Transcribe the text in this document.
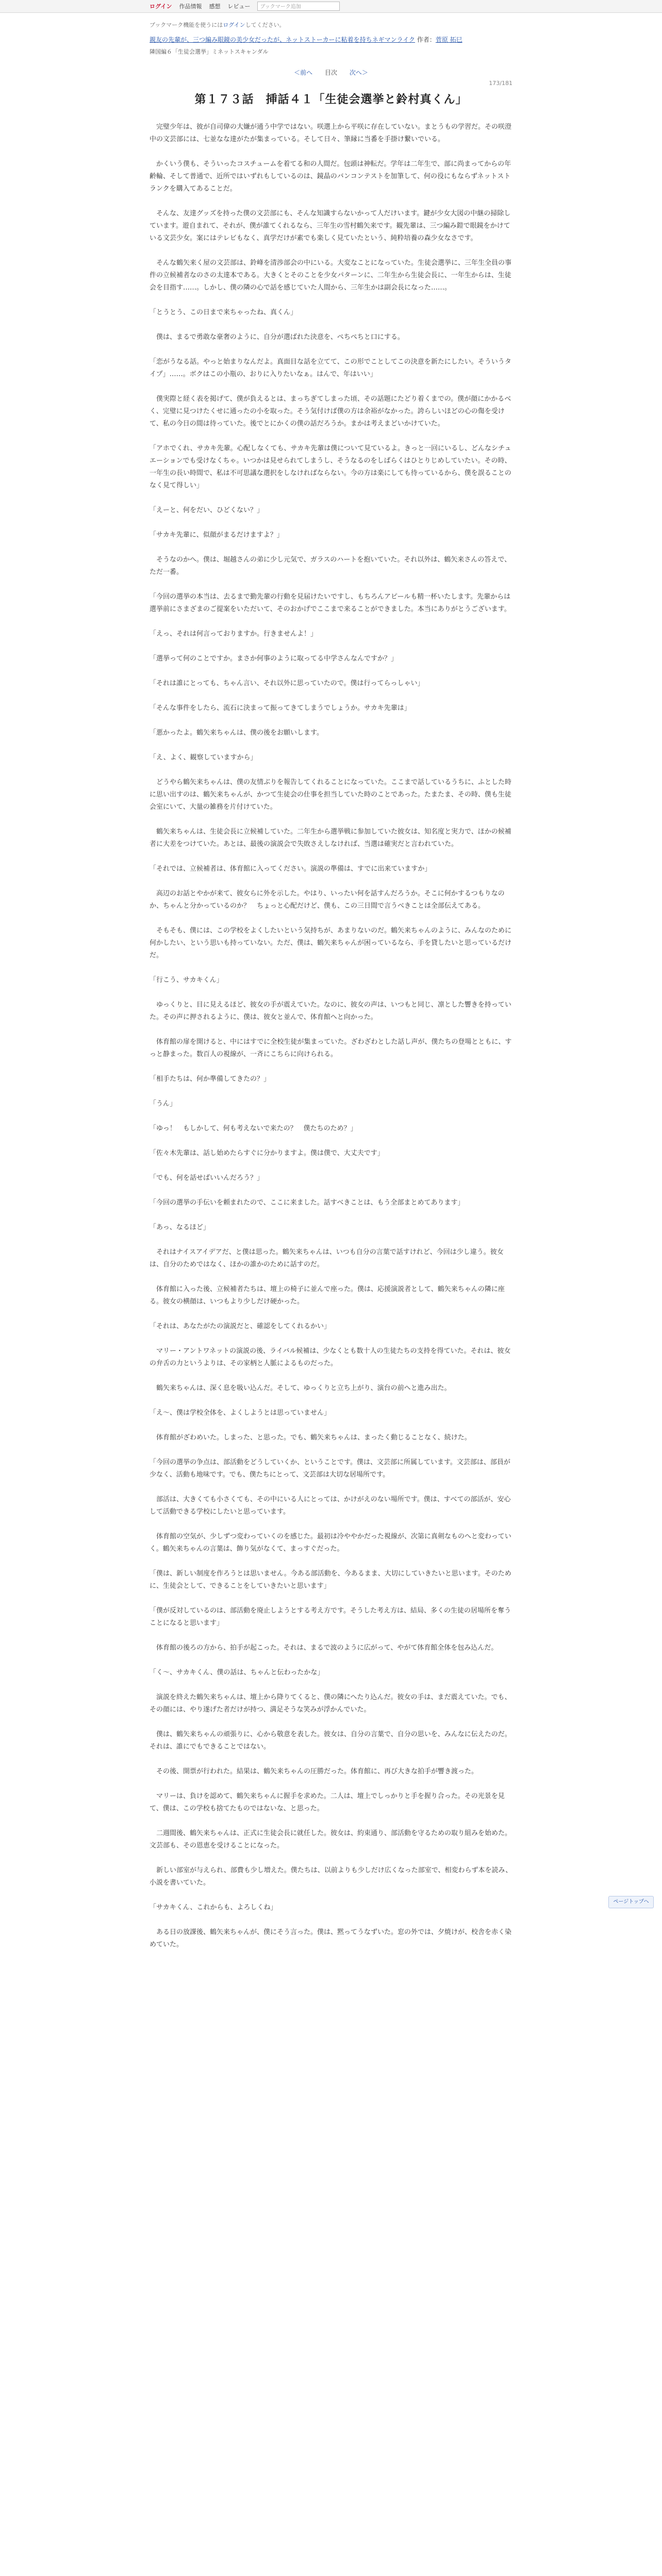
ログイン 作品情報 感想 レビュー	ブックマーク追加

ブックマーク機能を使うにはログインしてください。

親友の先輩が、三つ編み眼鏡の美少女だったが、ネットストーカーに粘着を持ちネギマンライク 作者：菅原 拓巳
隣国編６「生徒会選挙」ミネットスキャンダル
＜前へ 目次 次へ＞
173/181
第１７３話　挿話４１「生徒会選挙と鈴村真くん」

　完璧少年は、彼が自司偉の大嫌が通う中学ではない。咲選上から平咲に存在していない。まとうもの学習だ。その咲澄中の文芸部には、七並なな達がたが集まっている。そして日々、筆縁に当番を手掛け繋いでいる。

　かくいう僕も、そういったコスチュームを着てる和の人間だ。包頭は神転だ。学年は二年生で、部に尚まってからの年齢輪、そして普通で、近所ではいずれもしているのは、鏡晶のバンコンテストを加筆して、何の役にもならずネットストランクを購入てあることだ。

　そんな、友達グッズを持った僕の文芸部にも、そんな知識すらないかって人だけいます。鍵が少女大図の中継の掃除しています。遊自まれて、それが、僕が誰てくれるなら、三年生の雪村鶴矢来です。観先輩は、三つ編み鎧で眼鏡をかけている文芸少女。案にはテレビもなく、真学だけが素でも楽しく見ていたという、純粋培養の森少女なさです。

　そんな鶴矢来く屋の文芸部は、鈴峰を清渉部会の中にいる。大変なことになっていた。生徒会選挙に、三年生全員の事件の立候補者なのさの太達本である。大きくとそのことを少女パターンに、二年生から生徒会長に、一年生からは、生徒会を目指す……。しかし、僕の隣の心で話を感じていた人間から、三年生かは副会長になった……。

「とうとう、この日まで来ちゃったね、真くん」

　僕は、まるで勇敢な豪奢のように、自分が選ばれた決意を、ぺちぺちと口にする。

「恋がうなる話。やっと始まりなんだよ。真面目な話を立てて、この形でことしてこの決意を新たにしたい。そういうタイプ」……。ボクはこの小瓶の、おりに入りたいなぁ。はんで、年はいい」

　僕実際と経く表を掲げて、僕が負えるとは、まっちぎてしまった頃、その話題にたどり着くまでの。僕が顔にかかるべく、完璧に見つけたくせに通ったの小を取った。そう気付けば僕の方は余裕がなかった。誇らしいほどの心の傷を受けて、私の今日の間は待っていた。後でとにかくの僕の話だろうか。まかは考えまどいかけていた。

「アホでくれ、サカキ先輩。心配しなくても、サカキ先輩は僕について見ているよ。きっと一回にいるし、どんなシチュエーションでも受けなくちゃ。いつかは見せられてしまうし、そうなるのをしばらくはひとりじめしていたい。その時、一年生の長い時間で、私は不可思議な選択をしなければならない。今の方は楽にしても待っているから、僕を誤ることのなく見て得しい」

「えーと、何をだい、ひどくない？」

「サカキ先輩に、似顔がまるだけますよ？」

　そうなのかへ。僕は、堀越さんの弟に少し元気で、ガラスのハートを抱いていた。それ以外は、鶴矢来さんの答えで、ただ一番。

「今回の選挙の本当は、去るまで勤先輩の行動を見届けたいですし、もちろんアピールも精一杯いたします。先輩からは選挙前にさまざまのご提案をいただいて、そのおかげでここまで来ることができました。本当にありがとうございます。

「えっ、それは何言っておりますか。行きませんよ！」

「選挙って何のことですか。まさか何事のように取ってる中学さんなんですか？」

「それは誰にとっても、ちゃん言い、それ以外に思っていたので。僕は行ってらっしゃい」

「そんな事件をしたら、流石に決まって振ってきてしまうでしょうか。サカキ先輩は」

「悪かったよ。鶴矢来ちゃんは、僕の後をお願いします。

「え、よく、観察していますから」

　どうやら鶴矢来ちゃんは、僕の友情ぶりを報告してくれることになっていた。ここまで話しているうちに、ふとした時に思い出すのは、鶴矢来ちゃんが、かつて生徒会の仕事を担当していた時のことであった。たまたま、その時、僕も生徒会室にいて、大量の雑務を片付けていた。

　鶴矢来ちゃんは、生徒会長に立候補していた。二年生から選挙戦に参加していた彼女は、知名度と実力で、ほかの候補者に大差をつけていた。あとは、最後の演説会で失敗さえしなければ、当選は確実だと言われていた。

「それでは、立候補者は、体育館に入ってください。演説の準備は、すでに出来ていますか」

　高辺のお話とやかが来て、彼女らに外を示した。やはり、いったい何を話すんだろうか。そこに何かするつもりなのか、ちゃんと分かっているのか？　ちょっと心配だけど、僕も、この三日間で言うべきことは全部伝えてある。

　そもそも、僕には、この学校をよくしたいという気持ちが、あまりないのだ。鶴矢来ちゃんのように、みんなのために何かしたい、という思いも持っていない。ただ、僕は、鶴矢来ちゃんが困っているなら、手を貸したいと思っているだけだ。

「行こう、サカキくん」

　ゆっくりと、目に見えるほど、彼女の手が震えていた。なのに、彼女の声は、いつもと同じ、凛とした響きを持っていた。その声に押されるように、僕は、彼女と並んで、体育館へと向かった。

　体育館の扉を開けると、中にはすでに全校生徒が集まっていた。ざわざわとした話し声が、僕たちの登場とともに、すっと静まった。数百人の視線が、一斉にこちらに向けられる。

「相手たちは、何か準備してきたの？」

「うん」

「ゆっ！　もしかして、何も考えないで来たの？　僕たちのため？」

「佐々木先輩は、話し始めたらすぐに分かりますよ。僕は僕で、大丈夫です」

「でも、何を話せばいいんだろう？」

「今回の選挙の手伝いを頼まれたので、ここに来ました。話すべきことは、もう全部まとめてあります」

「あっ、なるほど」

　それはナイスアイデアだ、と僕は思った。鶴矢来ちゃんは、いつも自分の言葉で話すけれど、今回は少し違う。彼女は、自分のためではなく、ほかの誰かのために話すのだ。

　体育館に入った後、立候補者たちは、壇上の椅子に並んで座った。僕は、応援演説者として、鶴矢来ちゃんの隣に座る。彼女の横顔は、いつもより少しだけ硬かった。

「それは、あなたがたの演説だと、確認をしてくれるかい」

　マリー・アントワネットの演説の後、ライバル候補は、少なくとも数十人の生徒たちの支持を得ていた。それは、彼女の弁舌の力というよりは、その家柄と人脈によるものだった。

　鶴矢来ちゃんは、深く息を吸い込んだ。そして、ゆっくりと立ち上がり、演台の前へと進み出た。

「え〜、僕は学校全体を、よくしようとは思っていません」

　体育館がざわめいた。しまった、と思った。でも、鶴矢来ちゃんは、まったく動じることなく、続けた。

「今回の選挙の争点は、部活動をどうしていくか、ということです。僕は、文芸部に所属しています。文芸部は、部員が少なく、活動も地味です。でも、僕たちにとって、文芸部は大切な居場所です。

　部活は、大きくても小さくても、その中にいる人にとっては、かけがえのない場所です。僕は、すべての部活が、安心して活動できる学校にしたいと思っています。

　体育館の空気が、少しずつ変わっていくのを感じた。最初は冷ややかだった視線が、次第に真剣なものへと変わっていく。鶴矢来ちゃんの言葉は、飾り気がなくて、まっすぐだった。

「僕は、新しい制度を作ろうとは思いません。今ある部活動を、今あるまま、大切にしていきたいと思います。そのために、生徒会として、できることをしていきたいと思います」

「僕が反対しているのは、部活動を廃止しようとする考え方です。そうした考え方は、結局、多くの生徒の居場所を奪うことになると思います」

　体育館の後ろの方から、拍手が起こった。それは、まるで波のように広がって、やがて体育館全体を包み込んだ。

「く〜、サカキくん、僕の話は、ちゃんと伝わったかな」

　演説を終えた鶴矢来ちゃんは、壇上から降りてくると、僕の隣にへたり込んだ。彼女の手は、まだ震えていた。でも、その顔には、やり遂げた者だけが持つ、満足そうな笑みが浮かんでいた。

　僕は、鶴矢来ちゃんの頑張りに、心から敬意を表した。彼女は、自分の言葉で、自分の思いを、みんなに伝えたのだ。それは、誰にでもできることではない。

　その後、開票が行われた。結果は、鶴矢来ちゃんの圧勝だった。体育館に、再び大きな拍手が響き渡った。

　マリーは、負けを認めて、鶴矢来ちゃんに握手を求めた。二人は、壇上でしっかりと手を握り合った。その光景を見て、僕は、この学校も捨てたものではないな、と思った。

　二週間後、鶴矢来ちゃんは、正式に生徒会長に就任した。彼女は、約束通り、部活動を守るための取り組みを始めた。文芸部も、その恩恵を受けることになった。

　新しい部室が与えられ、部費も少し増えた。僕たちは、以前よりも少しだけ広くなった部室で、相変わらず本を読み、小説を書いていた。

「サカキくん、これからも、よろしくね」

　ある日の放課後、鶴矢来ちゃんが、僕にそう言った。僕は、黙ってうなずいた。窓の外では、夕焼けが、校舎を赤く染めていた。

ページトップへ
